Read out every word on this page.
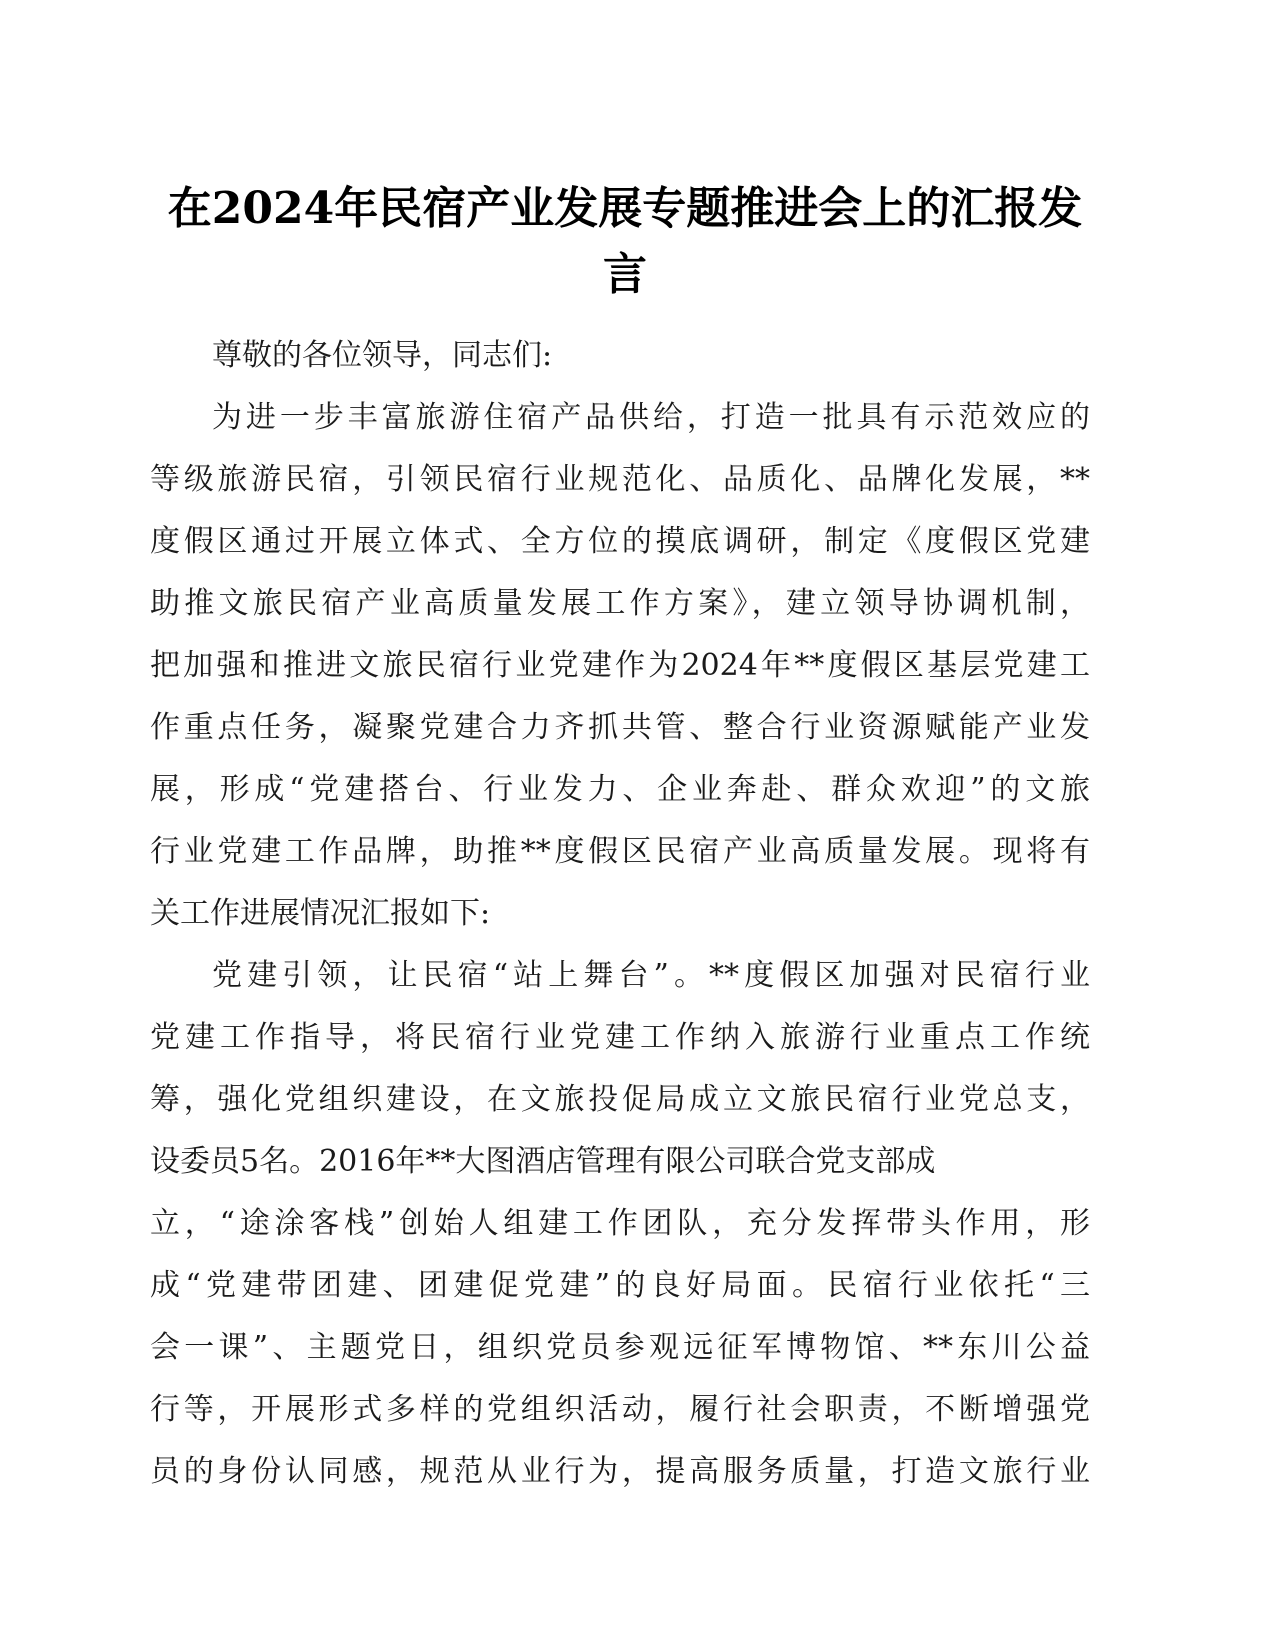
在2024年民宿产业发展专题推进会上的汇报发
言
尊敬的各位领导，同志们:
为进一步丰富旅游住宿产品供给，打造一批具有示范效应的
等级旅游民宿，引领民宿行业规范化、品质化、品牌化发展，**
度假区通过开展立体式、全方位的摸底调研，制定《度假区党建
助推文旅民宿产业高质量发展工作方案》，建立领导协调机制，
把加强和推进文旅民宿行业党建作为2024年**度假区基层党建工
作重点任务，凝聚党建合力齐抓共管、整合行业资源赋能产业发
展，形成“党建搭台、行业发力、企业奔赴、群众欢迎”的文旅
行业党建工作品牌，助推**度假区民宿产业高质量发展。现将有
关工作进展情况汇报如下:
党建引领，让民宿“站上舞台”。**度假区加强对民宿行业
党建工作指导，将民宿行业党建工作纳入旅游行业重点工作统
筹，强化党组织建设，在文旅投促局成立文旅民宿行业党总支，
设委员5名。2016年**大图酒店管理有限公司联合党支部成
立，“途涂客栈”创始人组建工作团队，充分发挥带头作用，形
成“党建带团建、团建促党建”的良好局面。民宿行业依托“三
会一课”、主题党日，组织党员参观远征军博物馆、**东川公益
行等，开展形式多样的党组织活动，履行社会职责，不断增强党
员的身份认同感，规范从业行为，提高服务质量，打造文旅行业
